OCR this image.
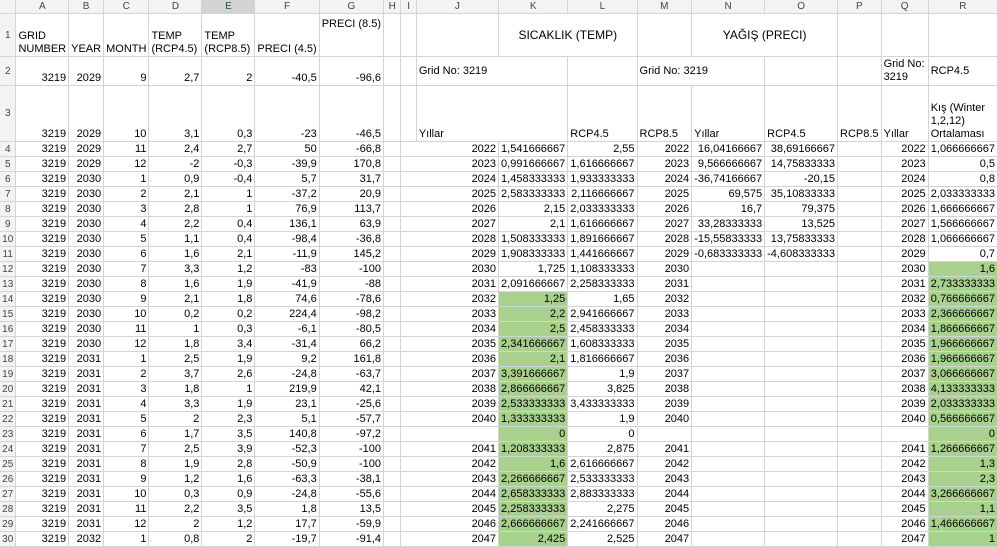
	A	B	C	D	E	F	G	H	I	J	K	L	M	N	O	P	Q	R
1	GRID NUMBER	YEAR	MONTH	TEMP (RCP4.5)	TEMP (RCP8.5)	PRECI (4.5)	PRECI (8.5)				SICAKLIK (TEMP)			YAĞIŞ (PRECI)				
2	3219	2029	9	2,7	2	-40,5	-96,6			Grid No: 3219			Grid No: 3219				Grid No: 3219	RCP4.5
3	3219	2029	10	3,1	0,3	-23	-46,5			Yıllar		RCP4.5	RCP8.5	Yıllar	RCP4.5	RCP8.5	Yıllar	Kış (Winter 1,2,12) Ortalaması
4	3219	2029	11	2,4	2,7	50	-66,8		2022		1,541666667	2,55	2022	16,04166667	38,69166667		2022	1,066666667
5	3219	2029	12	-2	-0,3	-39,9	170,8		2023		0,991666667	1,616666667	2023	9,566666667	14,75833333		2023	0,5
6	3219	2030	1	0,9	-0,4	5,7	31,7		2024		1,458333333	1,933333333	2024	-36,74166667	-20,15		2024	0,8
7	3219	2030	2	2,1	1	-37,2	20,9		2025		2,583333333	2,116666667	2025	69,575	35,10833333		2025	2,033333333
8	3219	2030	3	2,8	1	76,9	113,7		2026		2,15	2,033333333	2026	16,7	79,375		2026	1,666666667
9	3219	2030	4	2,2	0,4	136,1	63,9		2027		2,1	1,616666667	2027	33,28333333	13,525		2027	1,566666667
10	3219	2030	5	1,1	0,4	-98,4	-36,8		2028		1,508333333	1,891666667	2028	-15,55833333	13,75833333		2028	1,066666667
11	3219	2030	6	1,6	2,1	-11,9	145,2		2029		1,908333333	1,441666667	2029	-0,683333333	-4,608333333		2029	0,7
12	3219	2030	7	3,3	1,2	-83	-100		2030		1,725	1,108333333	2030				2030	1,6
13	3219	2030	8	1,6	1,9	-41,9	-88		2031		2,091666667	2,258333333	2031				2031	2,733333333
14	3219	2030	9	2,1	1,8	74,6	-78,6		2032		1,25	1,65	2032				2032	0,766666667
15	3219	2030	10	0,2	0,2	224,4	-98,2		2033		2,2	2,941666667	2033				2033	2,366666667
16	3219	2030	11	1	0,3	-6,1	-80,5		2034		2,5	2,458333333	2034				2034	1,866666667
17	3219	2030	12	1,8	3,4	-31,4	66,2		2035		2,341666667	1,608333333	2035				2035	1,966666667
18	3219	2031	1	2,5	1,9	9,2	161,8		2036		2,1	1,816666667	2036				2036	1,966666667
19	3219	2031	2	3,7	2,6	-24,8	-63,7		2037		3,391666667	1,9	2037				2037	3,066666667
20	3219	2031	3	1,8	1	219,9	42,1		2038		2,866666667	3,825	2038				2038	4,133333333
21	3219	2031	4	3,3	1,9	23,1	-25,6		2039		2,533333333	3,433333333	2039				2039	2,033333333
22	3219	2031	5	2	2,3	5,1	-57,7		2040		1,333333333	1,9	2040				2040	0,566666667
23	3219	2031	6	1,7	3,5	140,8	-97,2				0	0						0
24	3219	2031	7	2,5	3,9	-52,3	-100		2041		1,208333333	2,875	2041				2041	1,266666667
25	3219	2031	8	1,9	2,8	-50,9	-100		2042		1,6	2,616666667	2042				2042	1,3
26	3219	2031	9	1,2	1,6	-63,3	-38,1		2043		2,266666667	2,533333333	2043				2043	2,3
27	3219	2031	10	0,3	0,9	-24,8	-55,6		2044		2,658333333	2,883333333	2044				2044	3,266666667
28	3219	2031	11	2,2	3,5	1,8	13,5		2045		2,258333333	2,275	2045				2045	1,1
29	3219	2031	12	2	1,2	17,7	-59,9		2046		2,666666667	2,241666667	2046				2046	1,466666667
30	3219	2032	1	0,8	2	-19,7	-91,4		2047		2,425	2,525	2047				2047	1
